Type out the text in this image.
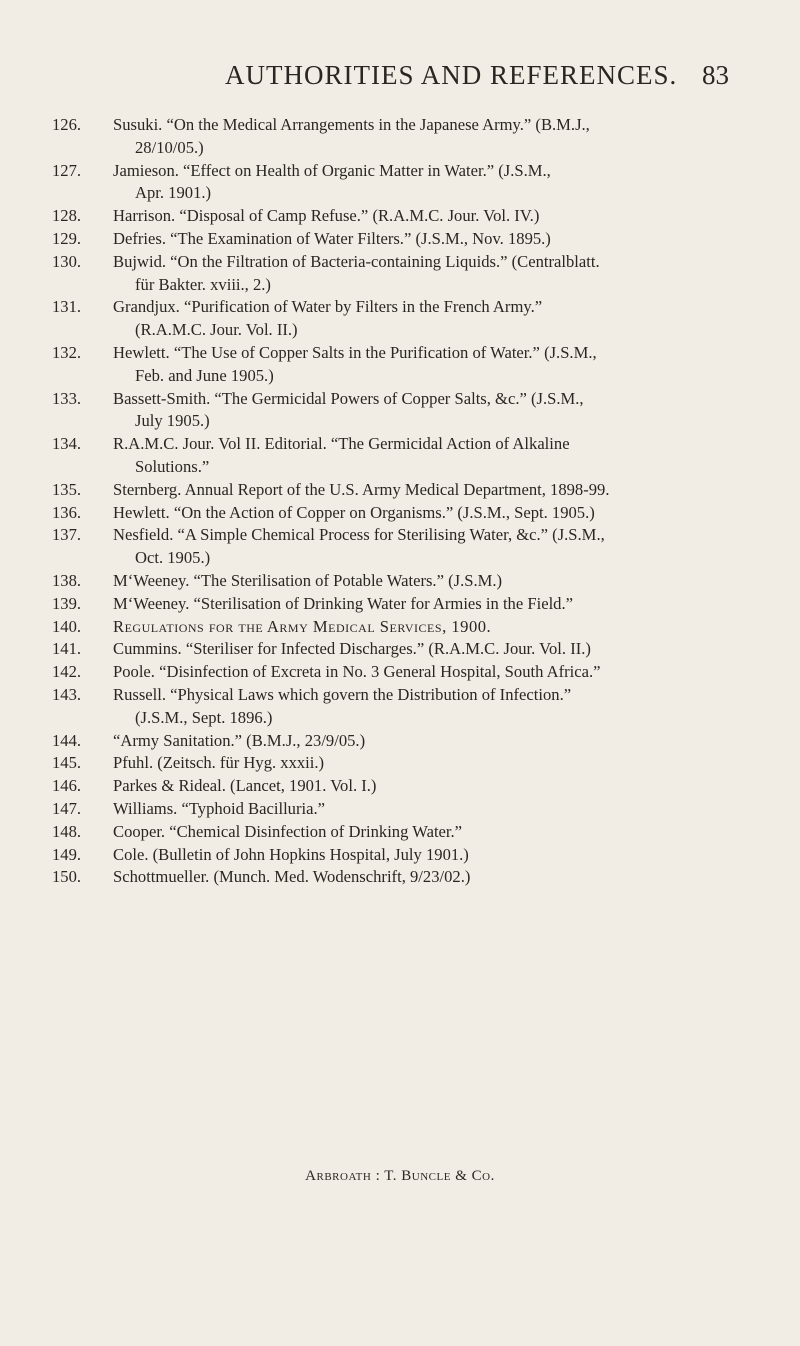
AUTHORITIES AND REFERENCES. 83
126.	Susuki. “On the Medical Arrangements in the Japanese Army.” (B.M.J.,
28/10/05.)
127.	Jamieson. “Effect on Health of Organic Matter in Water.” (J.S.M.,
Apr. 1901.)
128.	Harrison. “Disposal of Camp Refuse.” (R.A.M.C. Jour. Vol. IV.)
129.	Defries. “The Examination of Water Filters.” (J.S.M., Nov. 1895.)
130.	Bujwid. “On the Filtration of Bacteria-containing Liquids.” (Centralblatt.
für Bakter. xviii., 2.)
131.	Grandjux. “Purification of Water by Filters in the French Army.”
(R.A.M.C. Jour. Vol. II.)
132.	Hewlett. “The Use of Copper Salts in the Purification of Water.” (J.S.M.,
Feb. and June 1905.)
133.	Bassett-Smith. “The Germicidal Powers of Copper Salts, &c.” (J.S.M.,
July 1905.)
134.	R.A.M.C. Jour. Vol II. Editorial. “The Germicidal Action of Alkaline
Solutions.”
135.	Sternberg. Annual Report of the U.S. Army Medical Department, 1898-99.
136.	Hewlett. “On the Action of Copper on Organisms.” (J.S.M., Sept. 1905.)
137.	Nesfield. “A Simple Chemical Process for Sterilising Water, &c.” (J.S.M.,
Oct. 1905.)
138.	M‘Weeney. “The Sterilisation of Potable Waters.” (J.S.M.)
139.	M‘Weeney. “Sterilisation of Drinking Water for Armies in the Field.”
140.	Regulations for the Army Medical Services, 1900.
141.	Cummins. “Steriliser for Infected Discharges.” (R.A.M.C. Jour. Vol. II.)
142.	Poole. “Disinfection of Excreta in No. 3 General Hospital, South Africa.”
143.	Russell. “Physical Laws which govern the Distribution of Infection.”
(J.S.M., Sept. 1896.)
144.	“Army Sanitation.” (B.M.J., 23/9/05.)
145.	Pfuhl. (Zeitsch. für Hyg. xxxii.)
146.	Parkes & Rideal. (Lancet, 1901. Vol. I.)
147.	Williams. “Typhoid Bacilluria.”
148.	Cooper. “Chemical Disinfection of Drinking Water.”
149.	Cole. (Bulletin of John Hopkins Hospital, July 1901.)
150.	Schottmueller. (Munch. Med. Wodenschrift, 9/23/02.)
Arbroath : T. Buncle & Co.
